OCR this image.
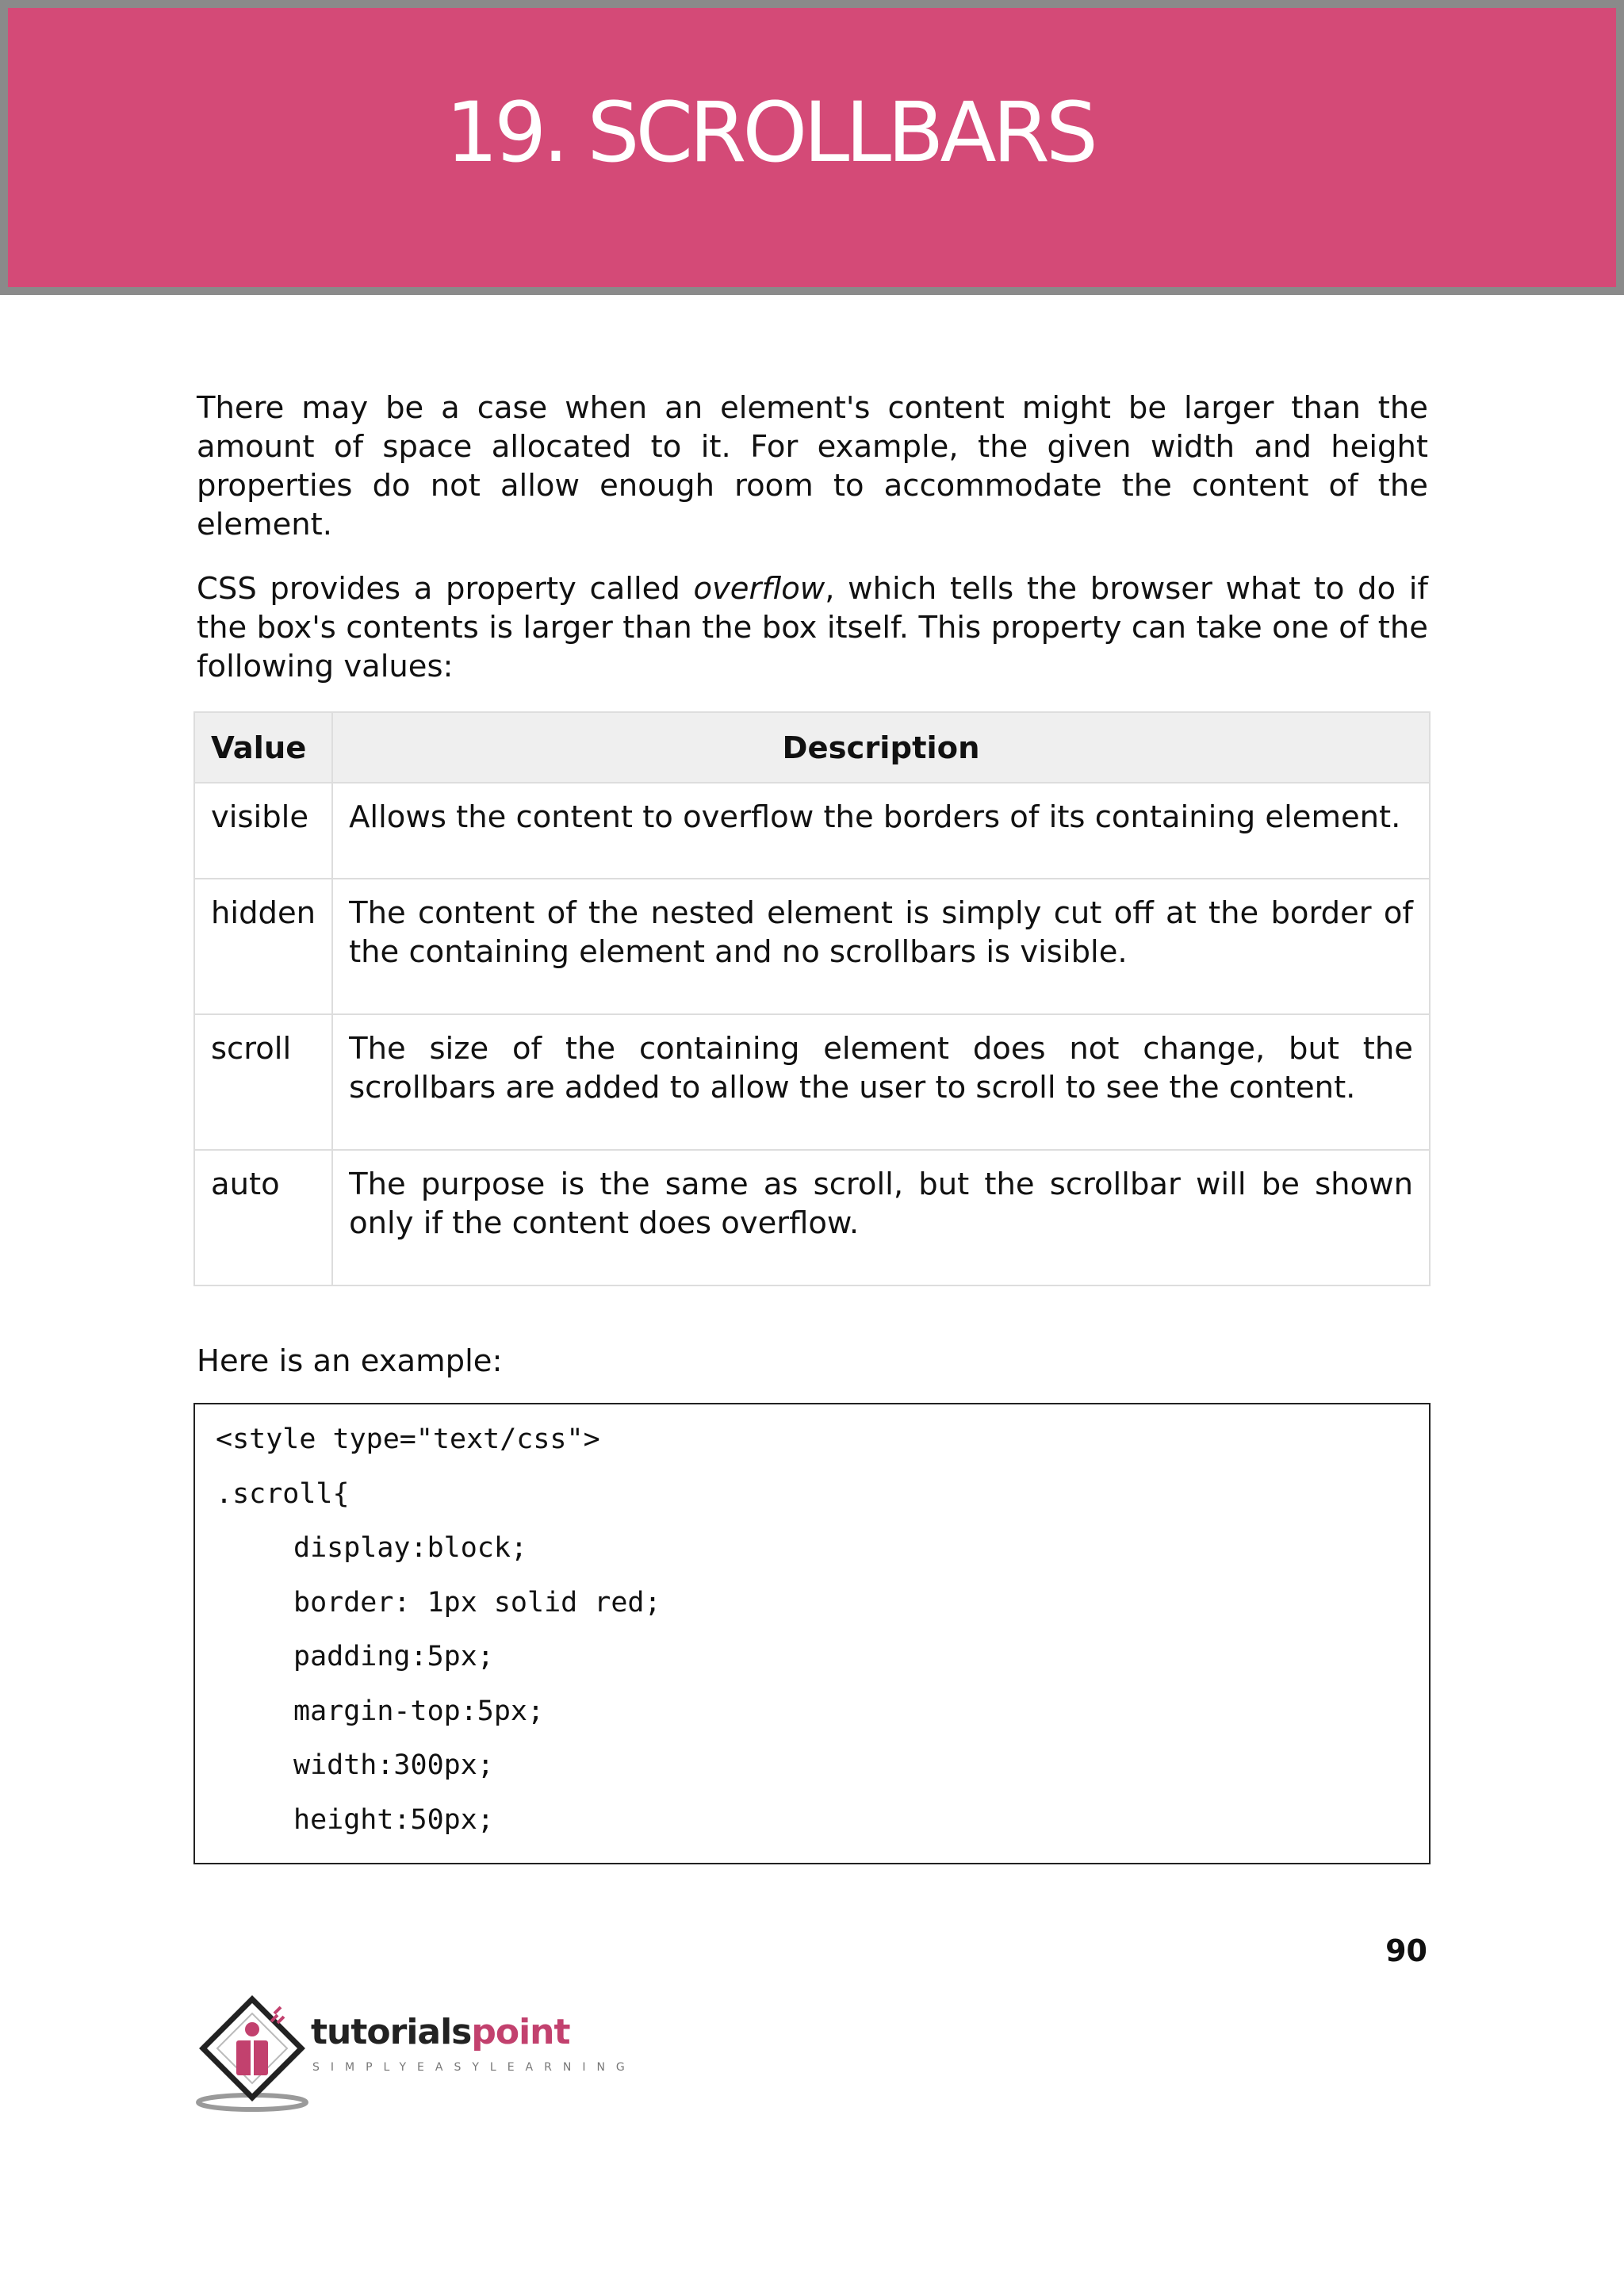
19. SCROLLBARS

There may be a case when an element's content might be larger than the amount of space allocated to it. For example, the given width and height properties do not allow enough room to accommodate the content of the element.

CSS provides a property called overflow, which tells the browser what to do if the box's contents is larger than the box itself. This property can take one of the following values:

Value	Description
visible	Allows the content to overflow the borders of its containing element.
hidden	The content of the nested element is simply cut off at the border of the containing element and no scrollbars is visible.
scroll	The size of the containing element does not change, but the scrollbars are added to allow the user to scroll to see the content.
auto	The purpose is the same as scroll, but the scrollbar will be shown only if the content does overflow.

Here is an example:

<style type="text/css">
.scroll{
display:block;
border: 1px solid red;
padding:5px;
margin-top:5px;
width:300px;
height:50px;
90
tutorialspoint
SIMPLYEASYLEARNING
